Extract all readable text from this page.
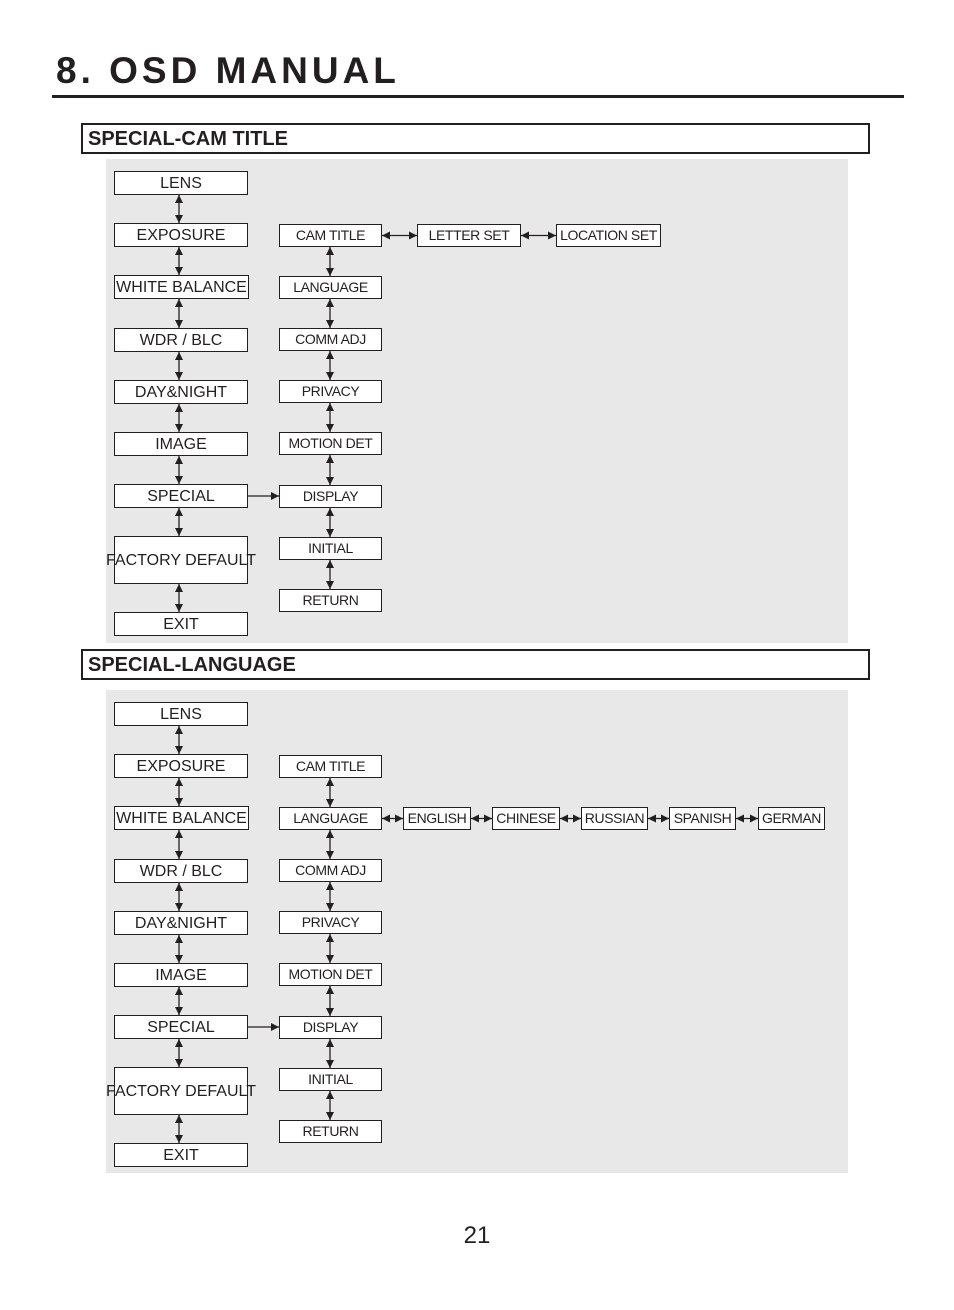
8. OSD MANUAL
SPECIAL-CAM TITLE
LENS
EXPOSURE
WHITE BALANCE
WDR / BLC
DAY&NIGHT
IMAGE
SPECIAL
FACTORY DEFAULT
EXIT
CAM TITLE
LANGUAGE
COMM ADJ
PRIVACY
MOTION DET
DISPLAY
INITIAL
RETURN
LETTER SET	LOCATION SET
SPECIAL-LANGUAGE
LENS
EXPOSURE
WHITE BALANCE
WDR / BLC
DAY&NIGHT
IMAGE
SPECIAL
FACTORY DEFAULT
EXIT
CAM TITLE
LANGUAGE
COMM ADJ
PRIVACY
MOTION DET
DISPLAY
INITIAL
RETURN
ENGLISH	CHINESE	RUSSIAN	SPANISH	GERMAN
21
